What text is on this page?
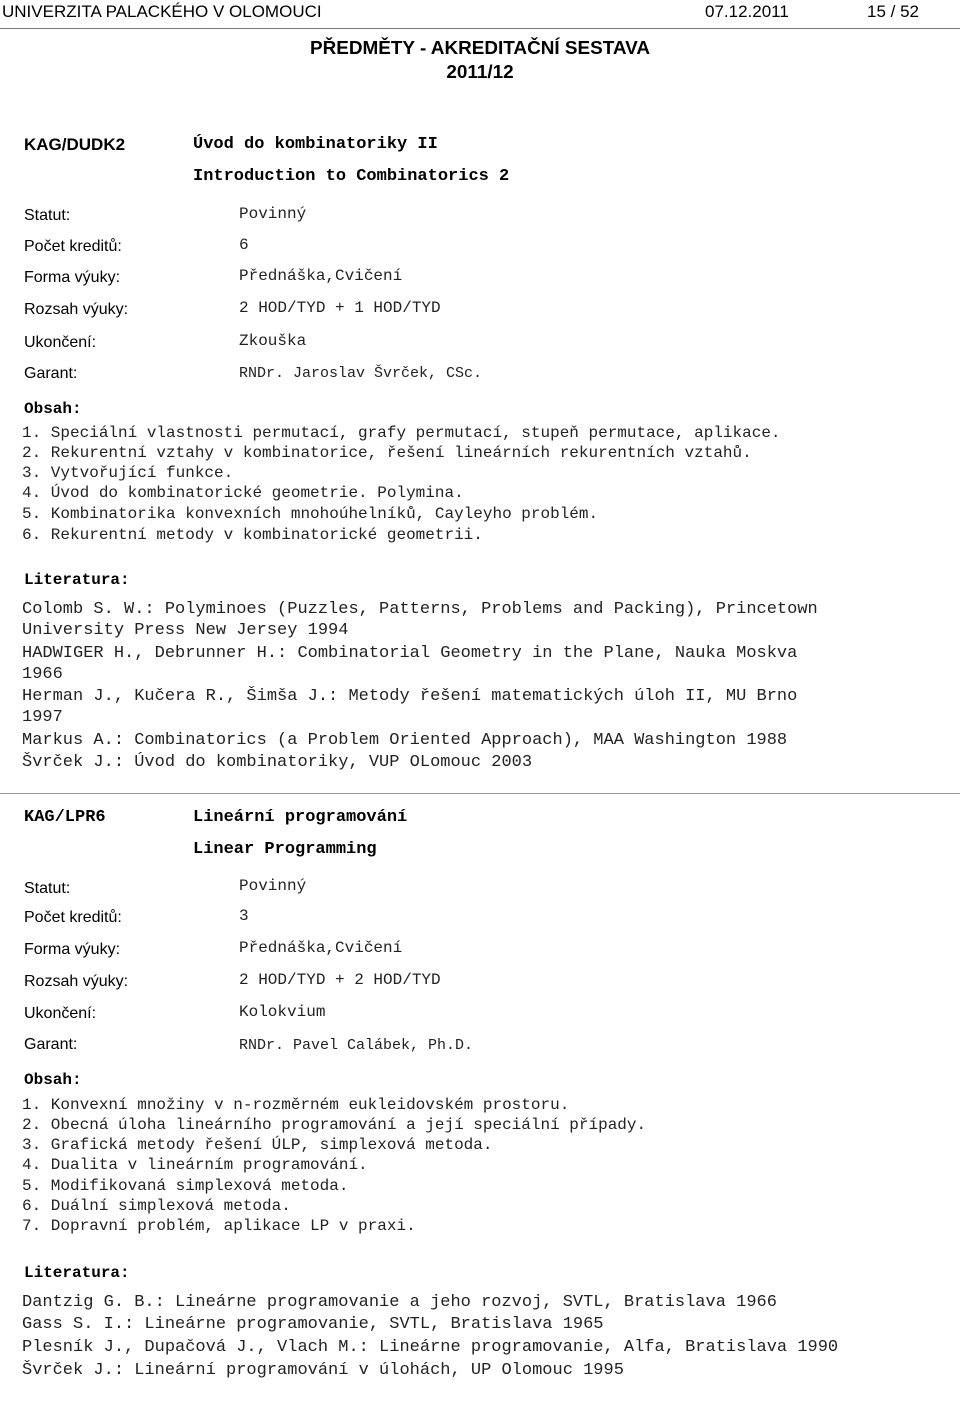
UNIVERZITA PALACKÉHO V OLOMOUCI	07.12.2011	15 / 52
PŘEDMĚTY - AKREDITAČNÍ SESTAVA
2011/12
KAG/DUDK2	Úvod do kombinatoriky II
Introduction to Combinatorics 2
Statut:	Povinný
Počet kreditů:	6
Forma výuky:	Přednáška,Cvičení
Rozsah výuky:	2 HOD/TYD + 1 HOD/TYD
Ukončení:	Zkouška
Garant:	RNDr. Jaroslav Švrček, CSc.
Obsah:
1. Speciální vlastnosti permutací, grafy permutací, stupeň permutace, aplikace.
2. Rekurentní vztahy v kombinatorice, řešení lineárních rekurentních vztahů.
3. Vytvořující funkce.
4. Úvod do kombinatorické geometrie. Polymina.
5. Kombinatorika konvexních mnohoúhelníků, Cayleyho problém.
6. Rekurentní metody v kombinatorické geometrii.
Literatura:
Colomb S. W.: Polyminoes (Puzzles, Patterns, Problems and Packing), Princetown
University Press New Jersey 1994
HADWIGER H., Debrunner H.: Combinatorial Geometry in the Plane, Nauka Moskva
1966
Herman J., Kučera R., Šimša J.: Metody řešení matematických úloh II, MU Brno
1997
Markus A.: Combinatorics (a Problem Oriented Approach), MAA Washington 1988
Švrček J.: Úvod do kombinatoriky, VUP OLomouc 2003
KAG/LPR6	Lineární programování
Linear Programming
Statut:	Povinný
Počet kreditů:	3
Forma výuky:	Přednáška,Cvičení
Rozsah výuky:	2 HOD/TYD + 2 HOD/TYD
Ukončení:	Kolokvium
Garant:	RNDr. Pavel Calábek, Ph.D.
Obsah:
1. Konvexní množiny v n-rozměrném eukleidovském prostoru.
2. Obecná úloha lineárního programování a její speciální případy.
3. Grafická metody řešení ÚLP, simplexová metoda.
4. Dualita v lineárním programování.
5. Modifikovaná simplexová metoda.
6. Duální simplexová metoda.
7. Dopravní problém, aplikace LP v praxi.
Literatura:
Dantzig G. B.: Lineárne programovanie a jeho rozvoj, SVTL, Bratislava 1966
Gass S. I.: Lineárne programovanie, SVTL, Bratislava 1965
Plesník J., Dupačová J., Vlach M.: Lineárne programovanie, Alfa, Bratislava 1990
Švrček J.: Lineární programování v úlohách, UP Olomouc 1995
